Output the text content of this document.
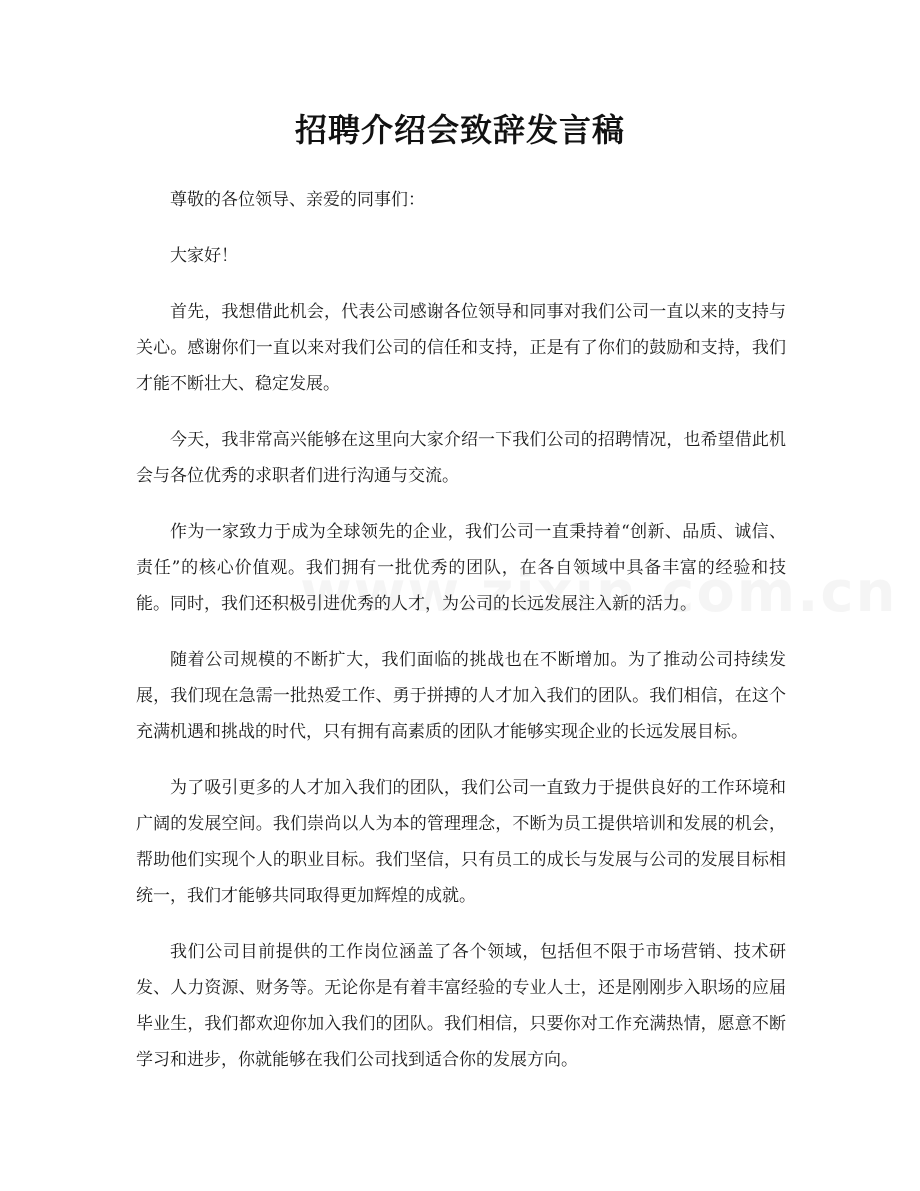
招聘介绍会致辞发言稿

尊敬的各位领导、亲爱的同事们：

大家好！

首先，我想借此机会，代表公司感谢各位领导和同事对我们公司一直以来的支持与关心。感谢你们一直以来对我们公司的信任和支持，正是有了你们的鼓励和支持，我们才能不断壮大、稳定发展。

今天，我非常高兴能够在这里向大家介绍一下我们公司的招聘情况，也希望借此机会与各位优秀的求职者们进行沟通与交流。

作为一家致力于成为全球领先的企业，我们公司一直秉持着“创新、品质、诚信、责任”的核心价值观。我们拥有一批优秀的团队，在各自领域中具备丰富的经验和技能。同时，我们还积极引进优秀的人才，为公司的长远发展注入新的活力。

随着公司规模的不断扩大，我们面临的挑战也在不断增加。为了推动公司持续发展，我们现在急需一批热爱工作、勇于拼搏的人才加入我们的团队。我们相信，在这个充满机遇和挑战的时代，只有拥有高素质的团队才能够实现企业的长远发展目标。

为了吸引更多的人才加入我们的团队，我们公司一直致力于提供良好的工作环境和广阔的发展空间。我们崇尚以人为本的管理理念，不断为员工提供培训和发展的机会，帮助他们实现个人的职业目标。我们坚信，只有员工的成长与发展与公司的发展目标相统一，我们才能够共同取得更加辉煌的成就。

我们公司目前提供的工作岗位涵盖了各个领域，包括但不限于市场营销、技术研发、人力资源、财务等。无论你是有着丰富经验的专业人士，还是刚刚步入职场的应届毕业生，我们都欢迎你加入我们的团队。我们相信，只要你对工作充满热情，愿意不断学习和进步，你就能够在我们公司找到适合你的发展方向。
